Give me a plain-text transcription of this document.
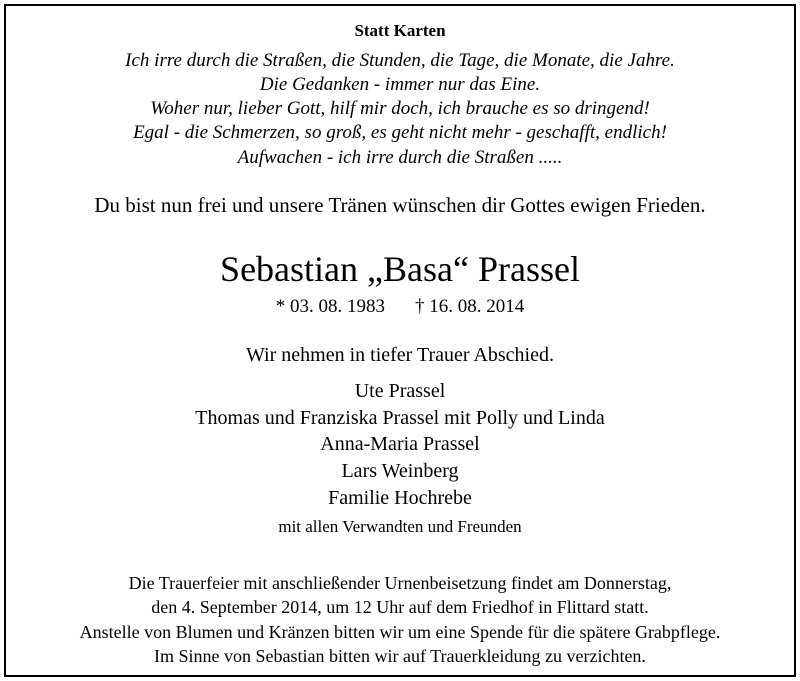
Statt Karten
Ich irre durch die Straßen, die Stunden, die Tage, die Monate, die Jahre.
Die Gedanken - immer nur das Eine.
Woher nur, lieber Gott, hilf mir doch, ich brauche es so dringend!
Egal - die Schmerzen, so groß, es geht nicht mehr - geschafft, endlich!
Aufwachen - ich irre durch die Straßen .....
Du bist nun frei und unsere Tränen wünschen dir Gottes ewigen Frieden.
Sebastian „Basa“ Prassel
* 03. 08. 1983 † 16. 08. 2014
Wir nehmen in tiefer Trauer Abschied.
Ute Prassel
Thomas und Franziska Prassel mit Polly und Linda
Anna-Maria Prassel
Lars Weinberg
Familie Hochrebe
mit allen Verwandten und Freunden
Die Trauerfeier mit anschließender Urnenbeisetzung findet am Donnerstag,
den 4. September 2014, um 12 Uhr auf dem Friedhof in Flittard statt.
Anstelle von Blumen und Kränzen bitten wir um eine Spende für die spätere Grabpflege.
Im Sinne von Sebastian bitten wir auf Trauerkleidung zu verzichten.
